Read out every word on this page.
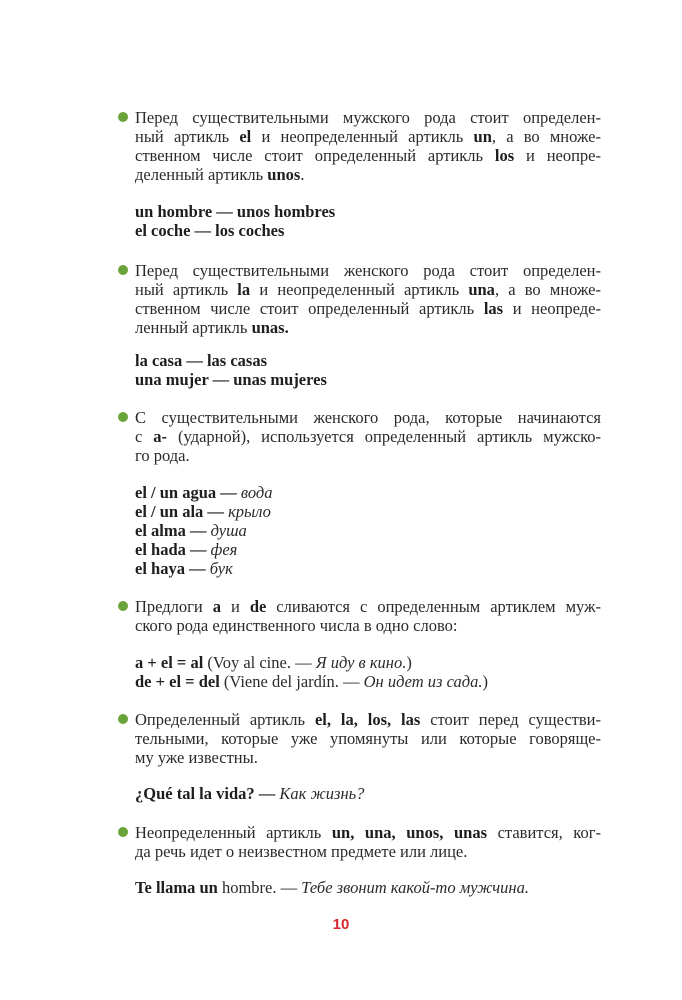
Перед существительными мужского рода стоит определен-
ный артикль el и неопределенный артикль un, а во множе-
ственном числе стоит определенный артикль los и неопре-
деленный артикль unos.
un hombre — unos hombres
el coche — los coches
Перед существительными женского рода стоит определен-
ный артикль la и неопределенный артикль una, а во множе-
ственном числе стоит определенный артикль las и неопреде-
ленный артикль unas.
la casa — las casas
una mujer — unas mujeres
С существительными женского рода, которые начинаются
с a- (ударной), используется определенный артикль мужско-
го рода.
el / un agua — вода
el / un ala — крыло
el alma — душа
el hada — фея
el haya — бук
Предлоги a и de сливаются с определенным артиклем муж-
ского рода единственного числа в одно слово:
a + el = al (Voy al cine. — Я иду в кино.)
de + el = del (Viene del jardín. — Он идет из сада.)
Определенный артикль el, la, los, las стоит перед существи-
тельными, которые уже упомянуты или которые говоряще-
му уже известны.
¿Qué tal la vida? — Как жизнь?
Неопределенный артикль un, una, unos, unas ставится, ког-
да речь идет о неизвестном предмете или лице.
Te llama un hombre. — Тебе звонит какой-то мужчина.
10
